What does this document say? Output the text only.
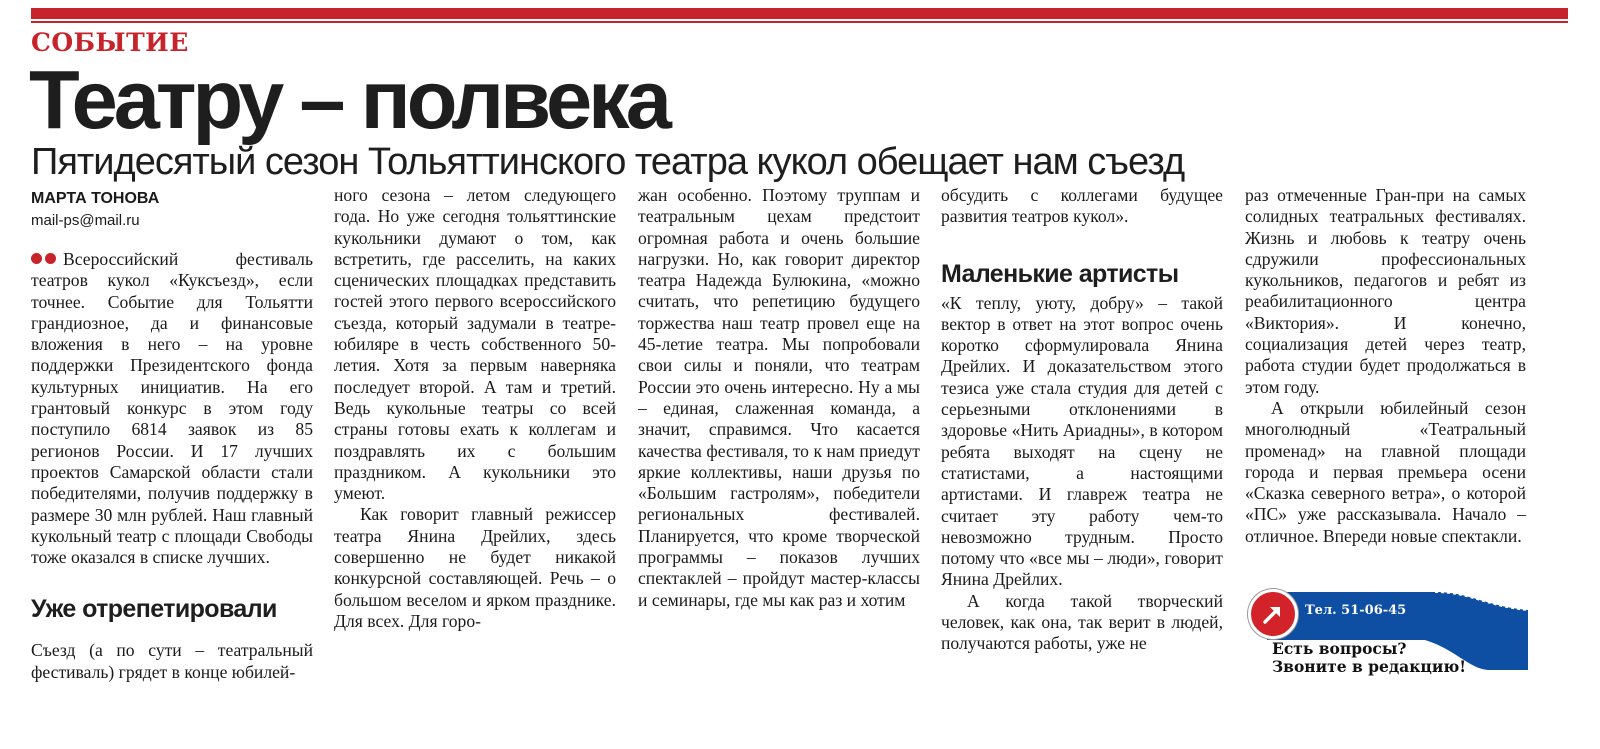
СОБЫТИЕ
Театру – полвека
Пятидесятый сезон Тольяттинского театра кукол обещает нам съезд
МАРТА ТОНОВА
mail-ps@mail.ru

Всероссийский фестиваль театров кукол «Куксъезд», если точнее. Событие для Тольятти грандиозное, да и финансовые вложения в него – на уровне поддержки Президентского фонда культурных инициатив. На его грантовый конкурс в этом году поступило 6814 заявок из 85 регионов России. И 17 лучших проектов Самарской области стали победителями, получив поддержку в размере 30 млн рублей. Наш главный кукольный театр с площади Свободы тоже оказался в списке лучших.

Уже отрепетировали

Съезд (а по сути – театральный фестиваль) грядет в конце юбилей-

ного сезона – летом следующего года. Но уже сегодня тольяттинские кукольники думают о том, как встретить, где расселить, на каких сценических площадках представить гостей этого первого всероссийского съезда, который задумали в театре-юбиляре в честь собственного 50-летия. Хотя за первым наверняка последует второй. А там и третий. Ведь кукольные театры со всей страны готовы ехать к коллегам и поздравлять их с большим праздником. А кукольники это умеют.

Как говорит главный режиссер театра Янина Дрейлих, здесь совершенно не будет никакой конкурсной составляющей. Речь – о большом веселом и ярком празднике. Для всех. Для горо-

жан особенно. Поэтому труппам и театральным цехам предстоит огромная работа и очень большие нагрузки. Но, как говорит директор театра Надежда Булюкина, «можно считать, что репетицию будущего торжества наш театр провел еще на 45-летие театра. Мы попробовали свои силы и поняли, что театрам России это очень интересно. Ну а мы – единая, слаженная команда, а значит, справимся. Что касается качества фестиваля, то к нам приедут яркие коллективы, наши друзья по «Большим гастролям», победители региональных фестивалей. Планируется, что кроме творческой программы – показов лучших спектаклей – пройдут мастер-классы и семинары, где мы как раз и хотим

обсудить с коллегами будущее развития театров кукол».

Маленькие артисты

«К теплу, уюту, добру» – такой вектор в ответ на этот вопрос очень коротко сформулировала Янина Дрейлих. И доказательством этого тезиса уже стала студия для детей с серьезными отклонениями в здоровье «Нить Ариадны», в котором ребята выходят на сцену не статистами, а настоящими артистами. И главреж театра не считает эту работу чем-то невозможно трудным. Просто потому что «все мы – люди», говорит Янина Дрейлих.

А когда такой творческий человек, как она, так верит в людей, получаются работы, уже не

раз отмеченные Гран-при на самых солидных театральных фестивалях. Жизнь и любовь к театру очень сдружили профессиональных кукольников, педагогов и ребят из реабилитационного центра «Виктория». И конечно, социализация детей через театр, работа студии будет продолжаться в этом году.

А открыли юбилейный сезон многолюдный «Театральный променад» на главной площади города и первая премьера осени «Сказка северного ветра», о которой «ПС» уже рассказывала. Начало – отличное. Впереди новые спектакли.

Тел. 51-06-45
Есть вопросы?
Звоните в редакцию!
